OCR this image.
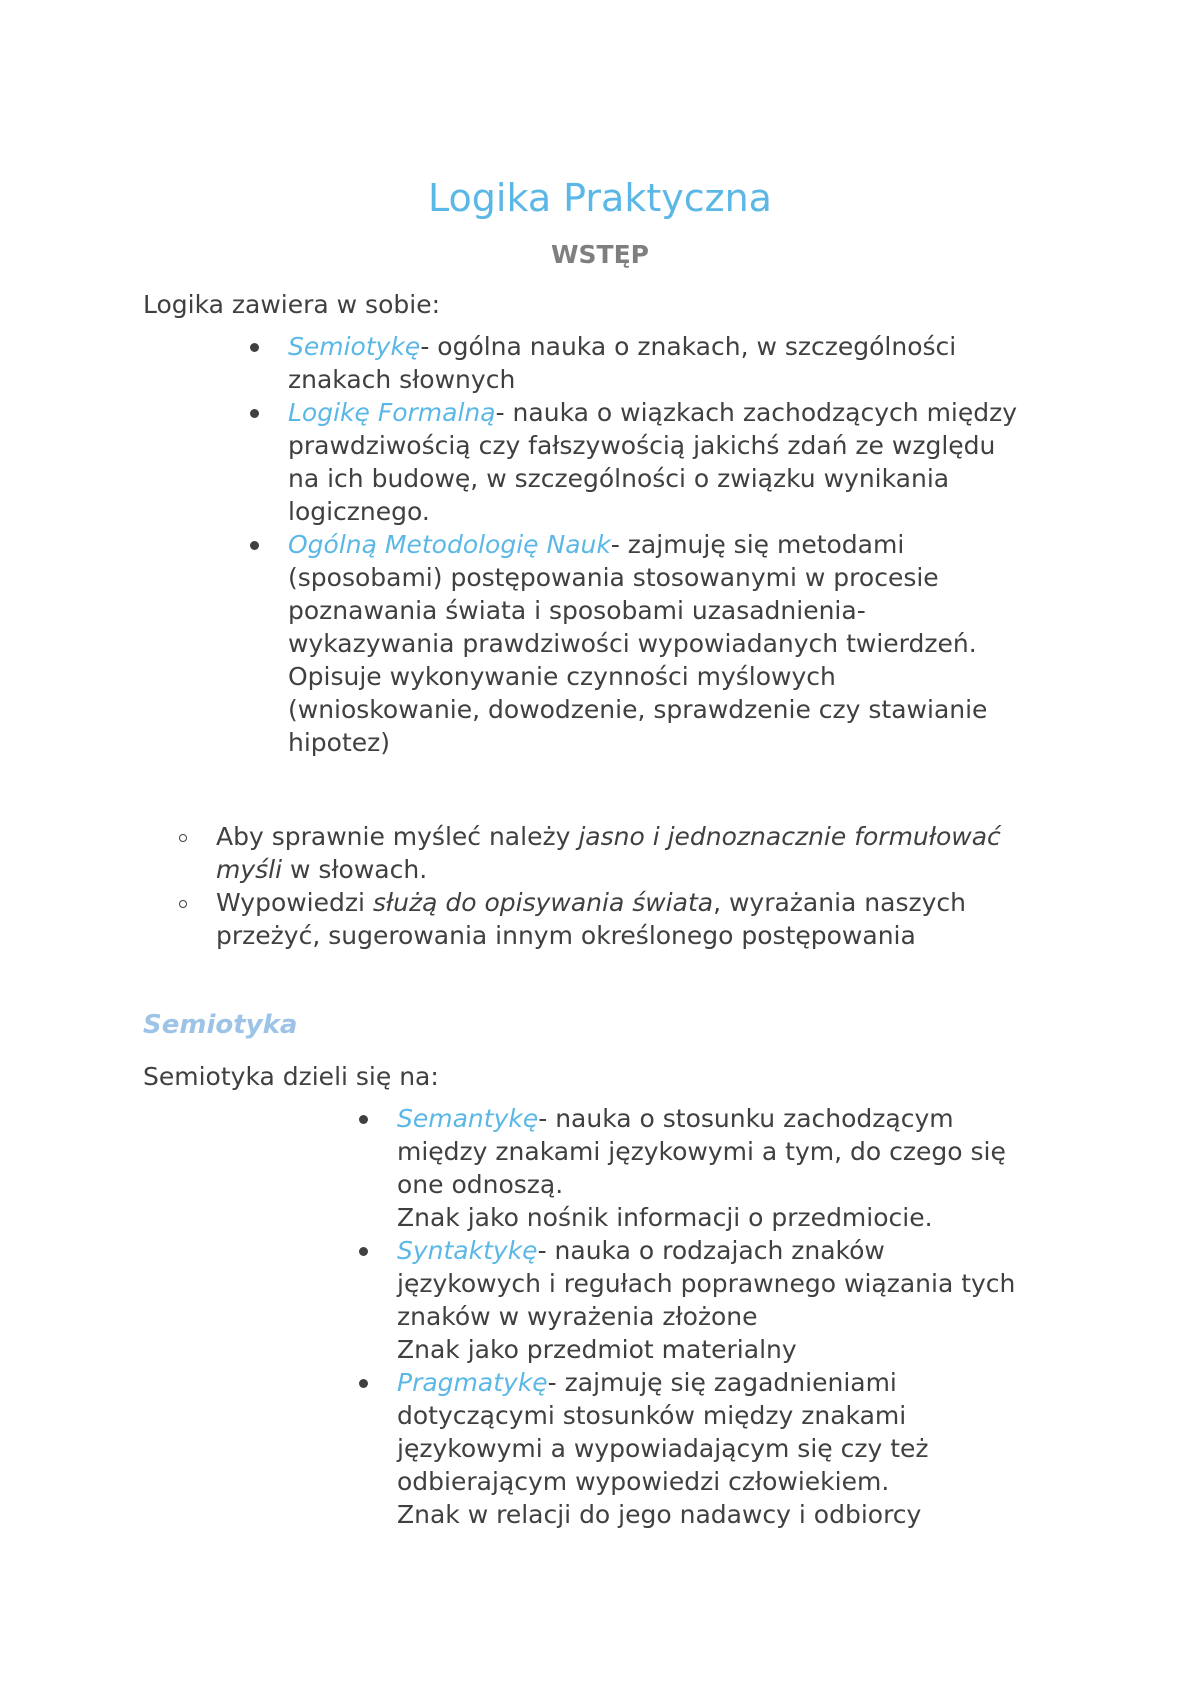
Logika Praktyczna
WSTĘP

Logika zawiera w sobie:

Semiotykę- ogólna nauka o znakach, w szczególności
znakach słownych
Logikę Formalną- nauka o wiązkach zachodzących między
prawdziwością czy fałszywością jakichś zdań ze względu
na ich budowę, w szczególności o związku wynikania
logicznego.
Ogólną Metodologię Nauk- zajmuję się metodami
(sposobami) postępowania stosowanymi w procesie
poznawania świata i sposobami uzasadnienia-
wykazywania prawdziwości wypowiadanych twierdzeń.
Opisuje wykonywanie czynności myślowych
(wnioskowanie, dowodzenie, sprawdzenie czy stawianie
hipotez)
Aby sprawnie myśleć należy jasno i jednoznacznie formułować
myśli w słowach.
Wypowiedzi służą do opisywania świata, wyrażania naszych
przeżyć, sugerowania innym określonego postępowania
Semiotyka

Semiotyka dzieli się na:

Semantykę- nauka o stosunku zachodzącym
między znakami językowymi a tym, do czego się
one odnoszą.
Znak jako nośnik informacji o przedmiocie.
Syntaktykę- nauka o rodzajach znaków
językowych i regułach poprawnego wiązania tych
znaków w wyrażenia złożone
Znak jako przedmiot materialny
Pragmatykę- zajmuję się zagadnieniami
dotyczącymi stosunków między znakami
językowymi a wypowiadającym się czy też
odbierającym wypowiedzi człowiekiem.
Znak w relacji do jego nadawcy i odbiorcy
